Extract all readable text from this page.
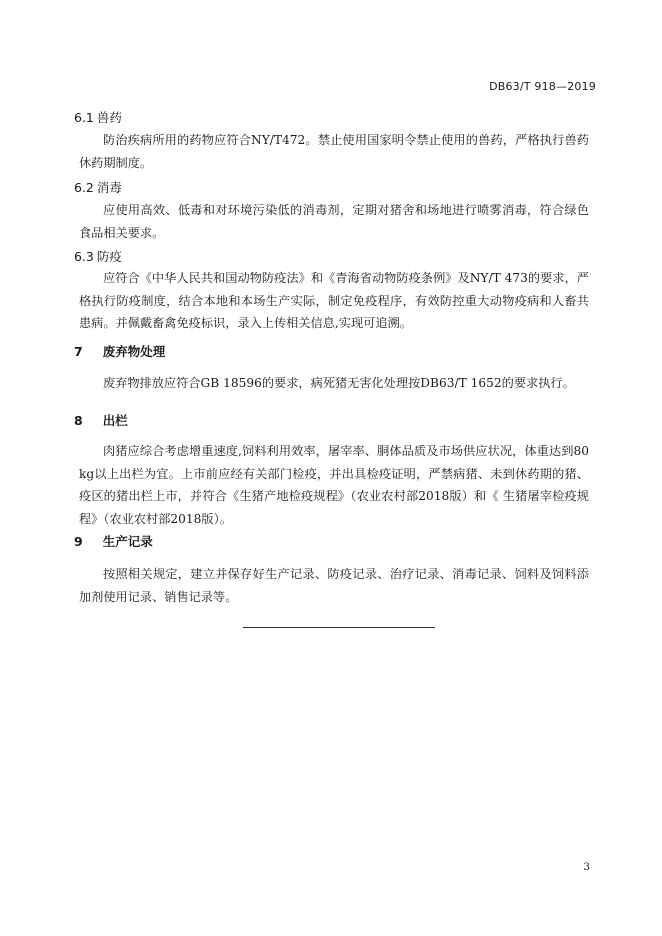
DB63/T 918—2019
6.1 兽药

防治疾病所用的药物应符合NY/T472。禁止使用国家明令禁止使用的兽药，严格执行兽药休药期制度。

6.2 消毒

应使用高效、低毒和对环境污染低的消毒剂，定期对猪舍和场地进行喷雾消毒，符合绿色食品相关要求。

6.3 防疫

应符合《中华人民共和国动物防疫法》和《青海省动物防疫条例》及NY/T 473的要求，严格执行防疫制度，结合本地和本场生产实际，制定免疫程序，有效防控重大动物疫病和人畜共患病。并佩戴畜禽免疫标识，录入上传相关信息,实现可追溯。

7 废弃物处理

废弃物排放应符合GB 18596的要求，病死猪无害化处理按DB63/T 1652的要求执行。

8 出栏

肉猪应综合考虑增重速度,饲料利用效率，屠宰率、胴体品质及市场供应状况，体重达到80 kg以上出栏为宜。上市前应经有关部门检疫，并出具检疫证明，严禁病猪、未到休药期的猪、疫区的猪出栏上市，并符合《生猪产地检疫规程》（农业农村部2018版）和《 生猪屠宰检疫规程》（农业农村部2018版）。

9 生产记录

按照相关规定，建立并保存好生产记录、防疫记录、治疗记录、消毒记录、饲料及饲料添加剂使用记录、销售记录等。

3
